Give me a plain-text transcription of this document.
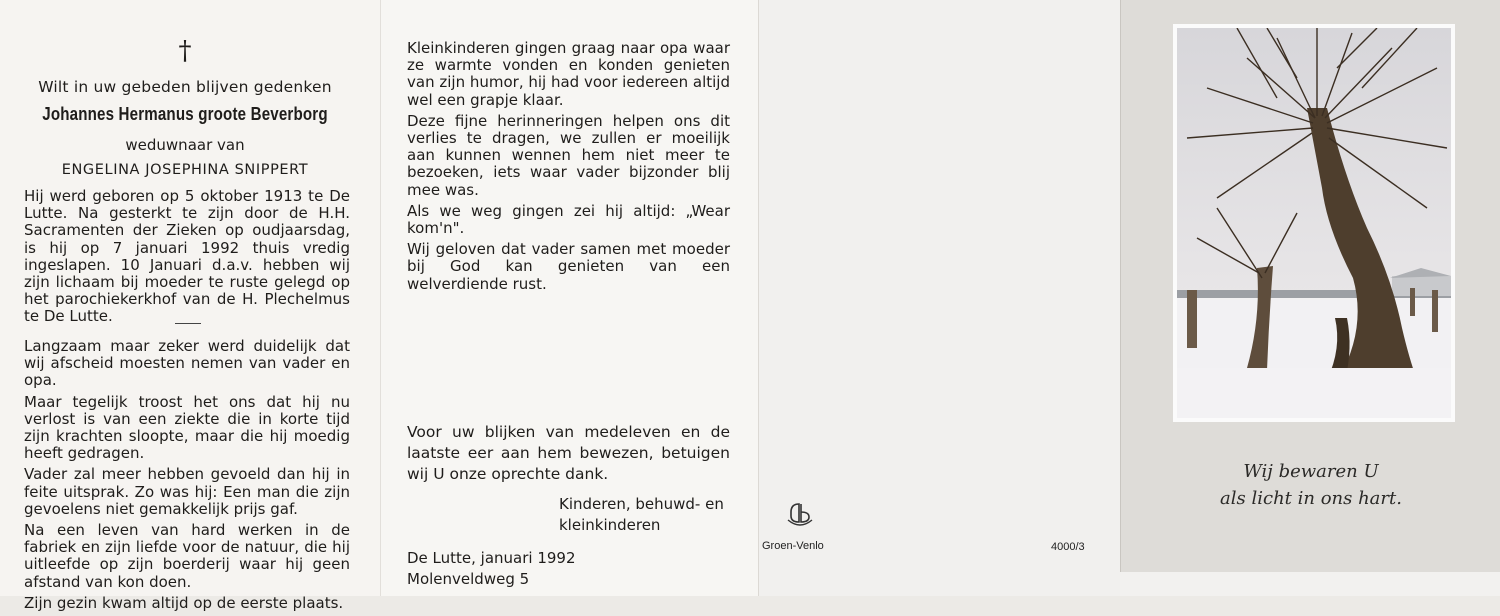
†
Wilt in uw gebeden blijven gedenken
Johannes Hermanus groote Beverborg
weduwnaar van
ENGELINA JOSEPHINA SNIPPERT

Hij werd geboren op 5 oktober 1913 te De Lutte. Na gesterkt te zijn door de H.H. Sacramenten der Zieken op oudjaarsdag, is hij op 7 januari 1992 thuis vredig ingeslapen. 10 Januari d.a.v. hebben wij zijn lichaam bij moeder te ruste gelegd op het parochiekerkhof van de H. Plechelmus te De Lutte.

Langzaam maar zeker werd duidelijk dat wij afscheid moesten nemen van vader en opa.

Maar tegelijk troost het ons dat hij nu verlost is van een ziekte die in korte tijd zijn krachten sloopte, maar die hij moedig heeft gedragen.

Vader zal meer hebben gevoeld dan hij in feite uitsprak. Zo was hij: Een man die zijn gevoelens niet gemakkelijk prijs gaf.

Na een leven van hard werken in de fabriek en zijn liefde voor de natuur, die hij uitleefde op zijn boerderij waar hij geen afstand van kon doen.

Zijn gezin kwam altijd op de eerste plaats.

Kleinkinderen gingen graag naar opa waar ze warmte vonden en konden genieten van zijn humor, hij had voor iedereen altijd wel een grapje klaar.

Deze fijne herinneringen helpen ons dit verlies te dragen, we zullen er moeilijk aan kunnen wennen hem niet meer te bezoeken, iets waar vader bijzonder blij mee was.

Als we weg gingen zei hij altijd: „Wear kom'n".

Wij geloven dat vader samen met moeder bij God kan genieten van een welverdiende rust.

Voor uw blijken van medeleven en de laatste eer aan hem bewezen, betuigen wij U onze oprechte dank.
Kinderen, behuwd- en kleinkinderen
De Lutte, januari 1992
Molenveldweg 5
Groen-Venlo	4000/3
Wij bewaren U
als licht in ons hart.
